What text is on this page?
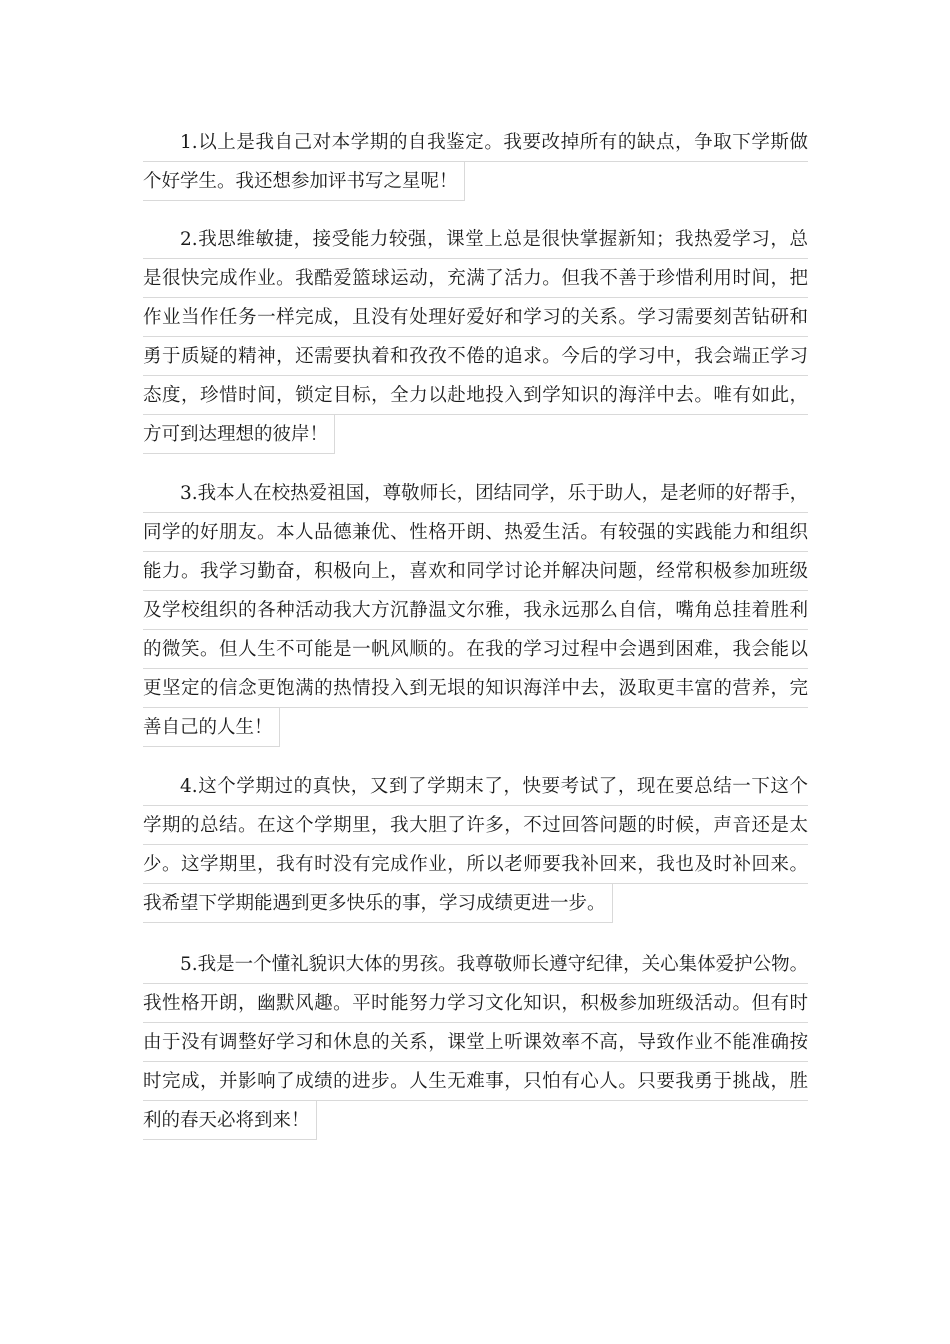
1.以上是我自己对本学期的自我鉴定。我要改掉所有的缺点，争取下学斯做
个好学生。我还想参加评书写之星呢！
2.我思维敏捷，接受能力较强，课堂上总是很快掌握新知；我热爱学习，总
是很快完成作业。我酷爱篮球运动，充满了活力。但我不善于珍惜利用时间，把
作业当作任务一样完成，且没有处理好爱好和学习的关系。学习需要刻苦钻研和
勇于质疑的精神，还需要执着和孜孜不倦的追求。今后的学习中，我会端正学习
态度，珍惜时间，锁定目标，全力以赴地投入到学知识的海洋中去。唯有如此，
方可到达理想的彼岸！
3.我本人在校热爱祖国，尊敬师长，团结同学，乐于助人，是老师的好帮手，
同学的好朋友。本人品德兼优、性格开朗、热爱生活。有较强的实践能力和组织
能力。我学习勤奋，积极向上，喜欢和同学讨论并解决问题，经常积极参加班级
及学校组织的各种活动我大方沉静温文尔雅，我永远那么自信，嘴角总挂着胜利
的微笑。但人生不可能是一帆风顺的。在我的学习过程中会遇到困难，我会能以
更坚定的信念更饱满的热情投入到无垠的知识海洋中去，汲取更丰富的营养，完
善自己的人生！
4.这个学期过的真快，又到了学期末了，快要考试了，现在要总结一下这个
学期的总结。在这个学期里，我大胆了许多，不过回答问题的时候，声音还是太
少。这学期里，我有时没有完成作业，所以老师要我补回来，我也及时补回来。
我希望下学期能遇到更多快乐的事，学习成绩更进一步。
5.我是一个懂礼貌识大体的男孩。我尊敬师长遵守纪律，关心集体爱护公物。
我性格开朗，幽默风趣。平时能努力学习文化知识，积极参加班级活动。但有时
由于没有调整好学习和休息的关系，课堂上听课效率不高，导致作业不能准确按
时完成，并影响了成绩的进步。人生无难事，只怕有心人。只要我勇于挑战，胜
利的春天必将到来！
